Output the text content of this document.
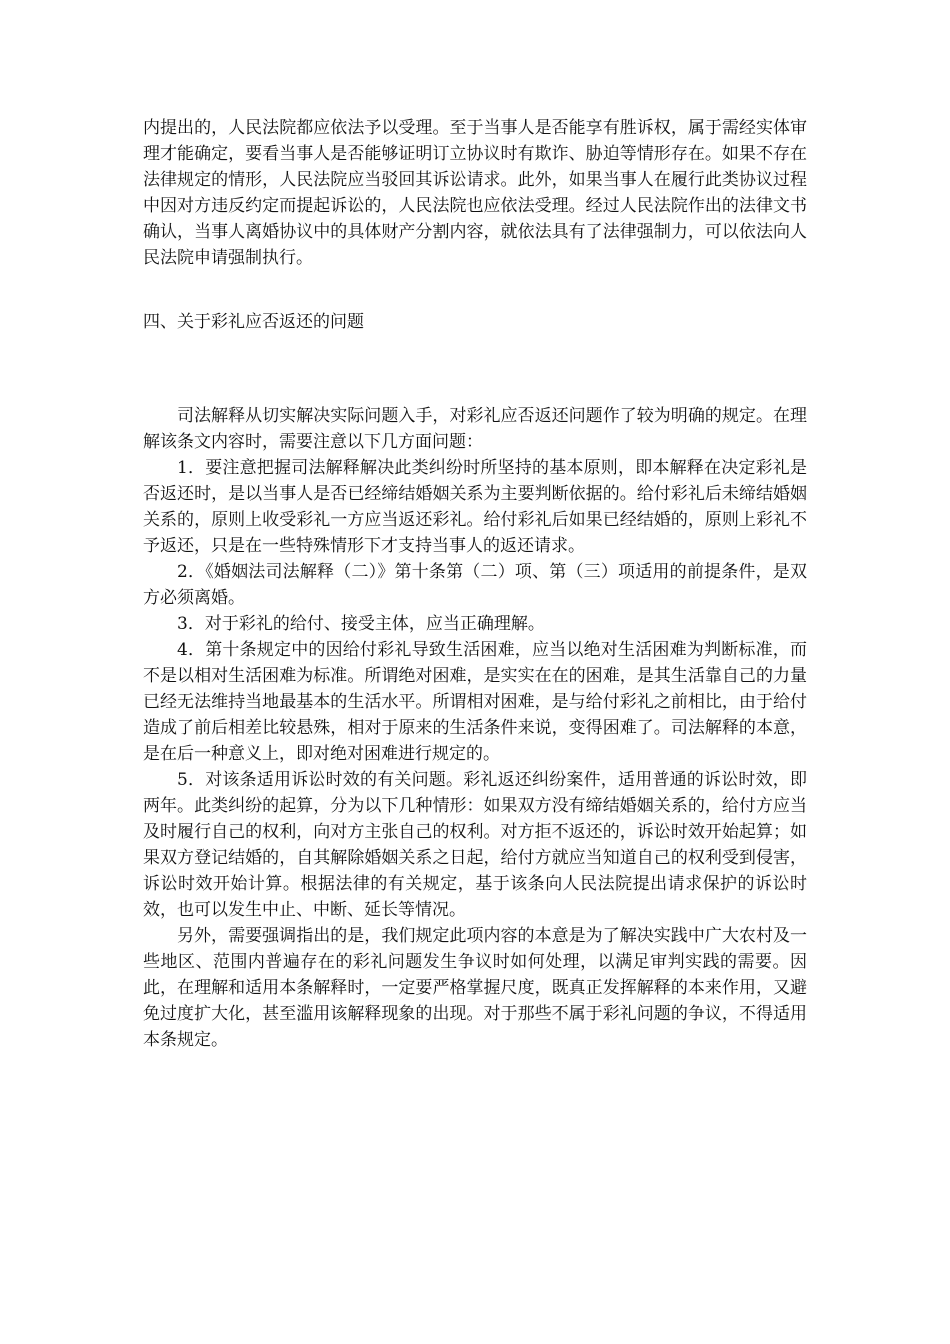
内提出的，人民法院都应依法予以受理。至于当事人是否能享有胜诉权，属于需经实体审理才能确定，要看当事人是否能够证明订立协议时有欺诈、胁迫等情形存在。如果不存在法律规定的情形，人民法院应当驳回其诉讼请求。此外，如果当事人在履行此类协议过程中因对方违反约定而提起诉讼的，人民法院也应依法受理。经过人民法院作出的法律文书确认，当事人离婚协议中的具体财产分割内容，就依法具有了法律强制力，可以依法向人民法院申请强制执行。

四、关于彩礼应否返还的问题

司法解释从切实解决实际问题入手，对彩礼应否返还问题作了较为明确的规定。在理解该条文内容时，需要注意以下几方面问题：

1．要注意把握司法解释解决此类纠纷时所坚持的基本原则，即本解释在决定彩礼是否返还时，是以当事人是否已经缔结婚姻关系为主要判断依据的。给付彩礼后未缔结婚姻关系的，原则上收受彩礼一方应当返还彩礼。给付彩礼后如果已经结婚的，原则上彩礼不予返还，只是在一些特殊情形下才支持当事人的返还请求。

2．《婚姻法司法解释（二）》第十条第（二）项、第（三）项适用的前提条件，是双方必须离婚。

3．对于彩礼的给付、接受主体，应当正确理解。

4．第十条规定中的因给付彩礼导致生活困难，应当以绝对生活困难为判断标准，而不是以相对生活困难为标准。所谓绝对困难，是实实在在的困难，是其生活靠自己的力量已经无法维持当地最基本的生活水平。所谓相对困难，是与给付彩礼之前相比，由于给付造成了前后相差比较悬殊，相对于原来的生活条件来说，变得困难了。司法解释的本意，是在后一种意义上，即对绝对困难进行规定的。

5．对该条适用诉讼时效的有关问题。彩礼返还纠纷案件，适用普通的诉讼时效，即两年。此类纠纷的起算，分为以下几种情形：如果双方没有缔结婚姻关系的，给付方应当及时履行自己的权利，向对方主张自己的权利。对方拒不返还的，诉讼时效开始起算；如果双方登记结婚的，自其解除婚姻关系之日起，给付方就应当知道自己的权利受到侵害，诉讼时效开始计算。根据法律的有关规定，基于该条向人民法院提出请求保护的诉讼时效，也可以发生中止、中断、延长等情况。

另外，需要强调指出的是，我们规定此项内容的本意是为了解决实践中广大农村及一些地区、范围内普遍存在的彩礼问题发生争议时如何处理，以满足审判实践的需要。因此，在理解和适用本条解释时，一定要严格掌握尺度，既真正发挥解释的本来作用，又避免过度扩大化，甚至滥用该解释现象的出现。对于那些不属于彩礼问题的争议，不得适用本条规定。
